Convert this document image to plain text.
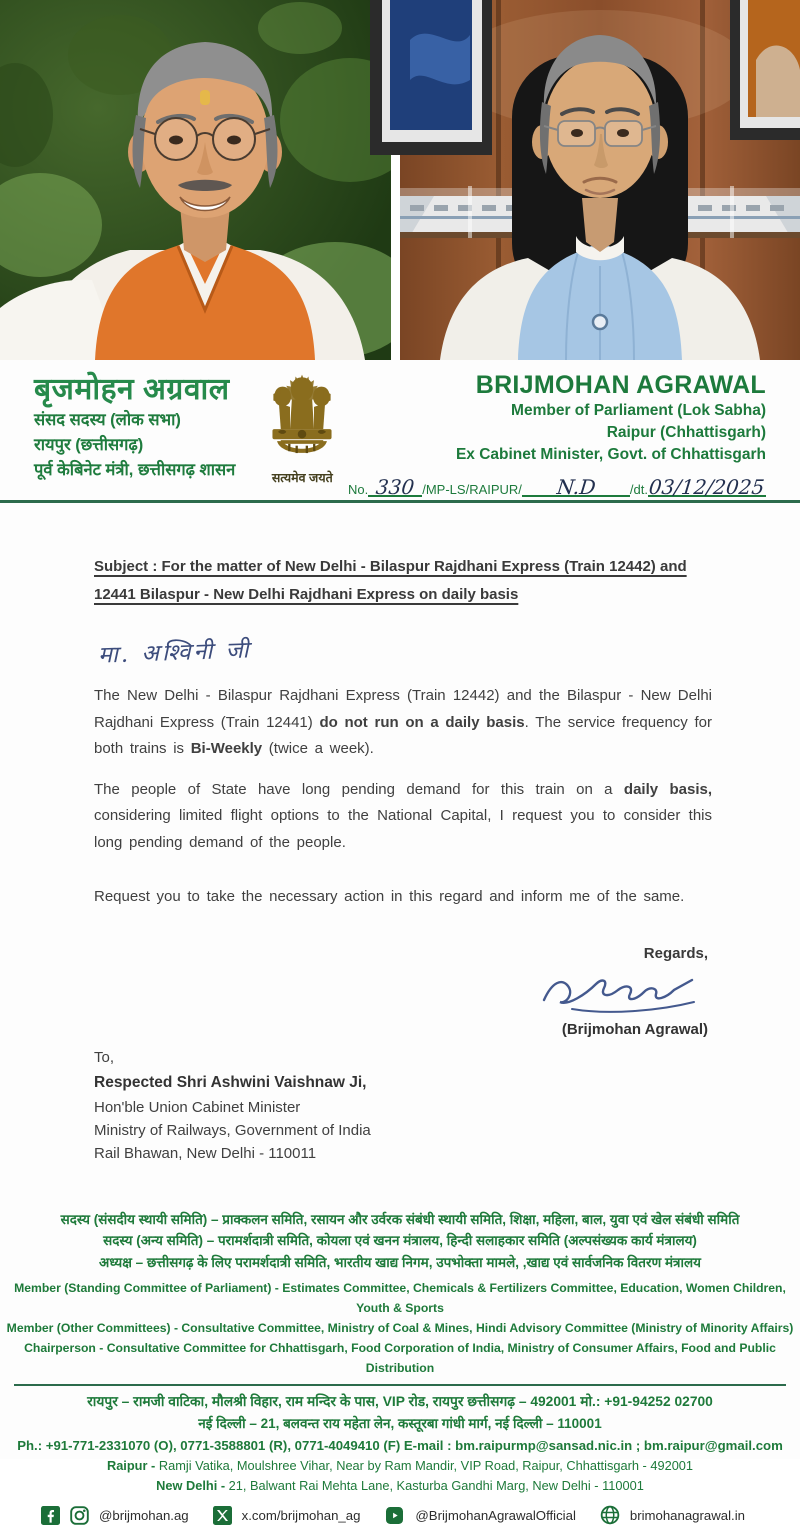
बृजमोहन अग्रवाल
संसद सदस्य (लोक सभा)
रायपुर (छत्तीसगढ़)
पूर्व केबिनेट मंत्री, छत्तीसगढ़ शासन	सत्यमेव जयते
BRIJMOHAN AGRAWAL
Member of Parliament (Lok Sabha)
Raipur (Chhattisgarh)
Ex Cabinet Minister, Govt. of Chhattisgarh
No. 330 /MP-LS/RAIPUR/	N.D	/dt. 03/12/2025
Subject : For the matter of New Delhi - Bilaspur Rajdhani Express (Train 12442) and
12441 Bilaspur - New Delhi Rajdhani Express on daily basis
मा. अश्विनी जी

The New Delhi - Bilaspur Rajdhani Express (Train 12442) and the Bilaspur - New Delhi Rajdhani Express (Train 12441) do not run on a daily basis. The service frequency for both trains is Bi-Weekly (twice a week).

The people of State have long pending demand for this train on a daily basis, considering limited flight options to the National Capital, I request you to consider this long pending demand of the people.

Request you to take the necessary action in this regard and inform me of the same.

Regards,
(Brijmohan Agrawal)
To,
Respected Shri Ashwini Vaishnaw Ji,
Hon'ble Union Cabinet Minister
Ministry of Railways, Government of India
Rail Bhawan, New Delhi - 110011
सदस्य (संसदीय स्थायी समिति) – प्राक्कलन समिति, रसायन और उर्वरक संबंधी स्थायी समिति, शिक्षा, महिला, बाल, युवा एवं खेल संबंधी समिति
सदस्य (अन्य समिति) – परामर्शदात्री समिति, कोयला एवं खनन मंत्रालय, हिन्दी सलाहकार समिति (अल्पसंख्यक कार्य मंत्रालय)
अध्यक्ष – छत्तीसगढ़ के लिए परामर्शदात्री समिति, भारतीय खाद्य निगम, उपभोक्ता मामले, ,खाद्य एवं सार्वजनिक वितरण मंत्रालय
Member (Standing Committee of Parliament) - Estimates Committee, Chemicals & Fertilizers Committee, Education, Women Children, Youth & Sports
Member (Other Committees) - Consultative Committee, Ministry of Coal & Mines, Hindi Advisory Committee (Ministry of Minority Affairs)
Chairperson - Consultative Committee for Chhattisgarh, Food Corporation of India, Ministry of Consumer Affairs, Food and Public Distribution
रायपुर – रामजी वाटिका, मौलश्री विहार, राम मन्दिर के पास, VIP रोड, रायपुर छत्तीसगढ़ – 492001 मो.: +91-94252 02700
नई दिल्ली – 21, बलवन्त राय महेता लेन, कस्तूरबा गांधी मार्ग, नई दिल्ली – 110001
Ph.: +91-771-2331070 (O), 0771-3588801 (R), 0771-4049410 (F) E-mail : bm.raipurmp@sansad.nic.in ; bm.raipur@gmail.com
Raipur - Ramji Vatika, Moulshree Vihar, Near by Ram Mandir, VIP Road, Raipur, Chhattisgarh - 492001
New Delhi - 21, Balwant Rai Mehta Lane, Kasturba Gandhi Marg, New Delhi - 110001
@brijmohan.ag	x.com/brijmohan_ag	@BrijmohanAgrawalOfficial	brimohanagrawal.in
